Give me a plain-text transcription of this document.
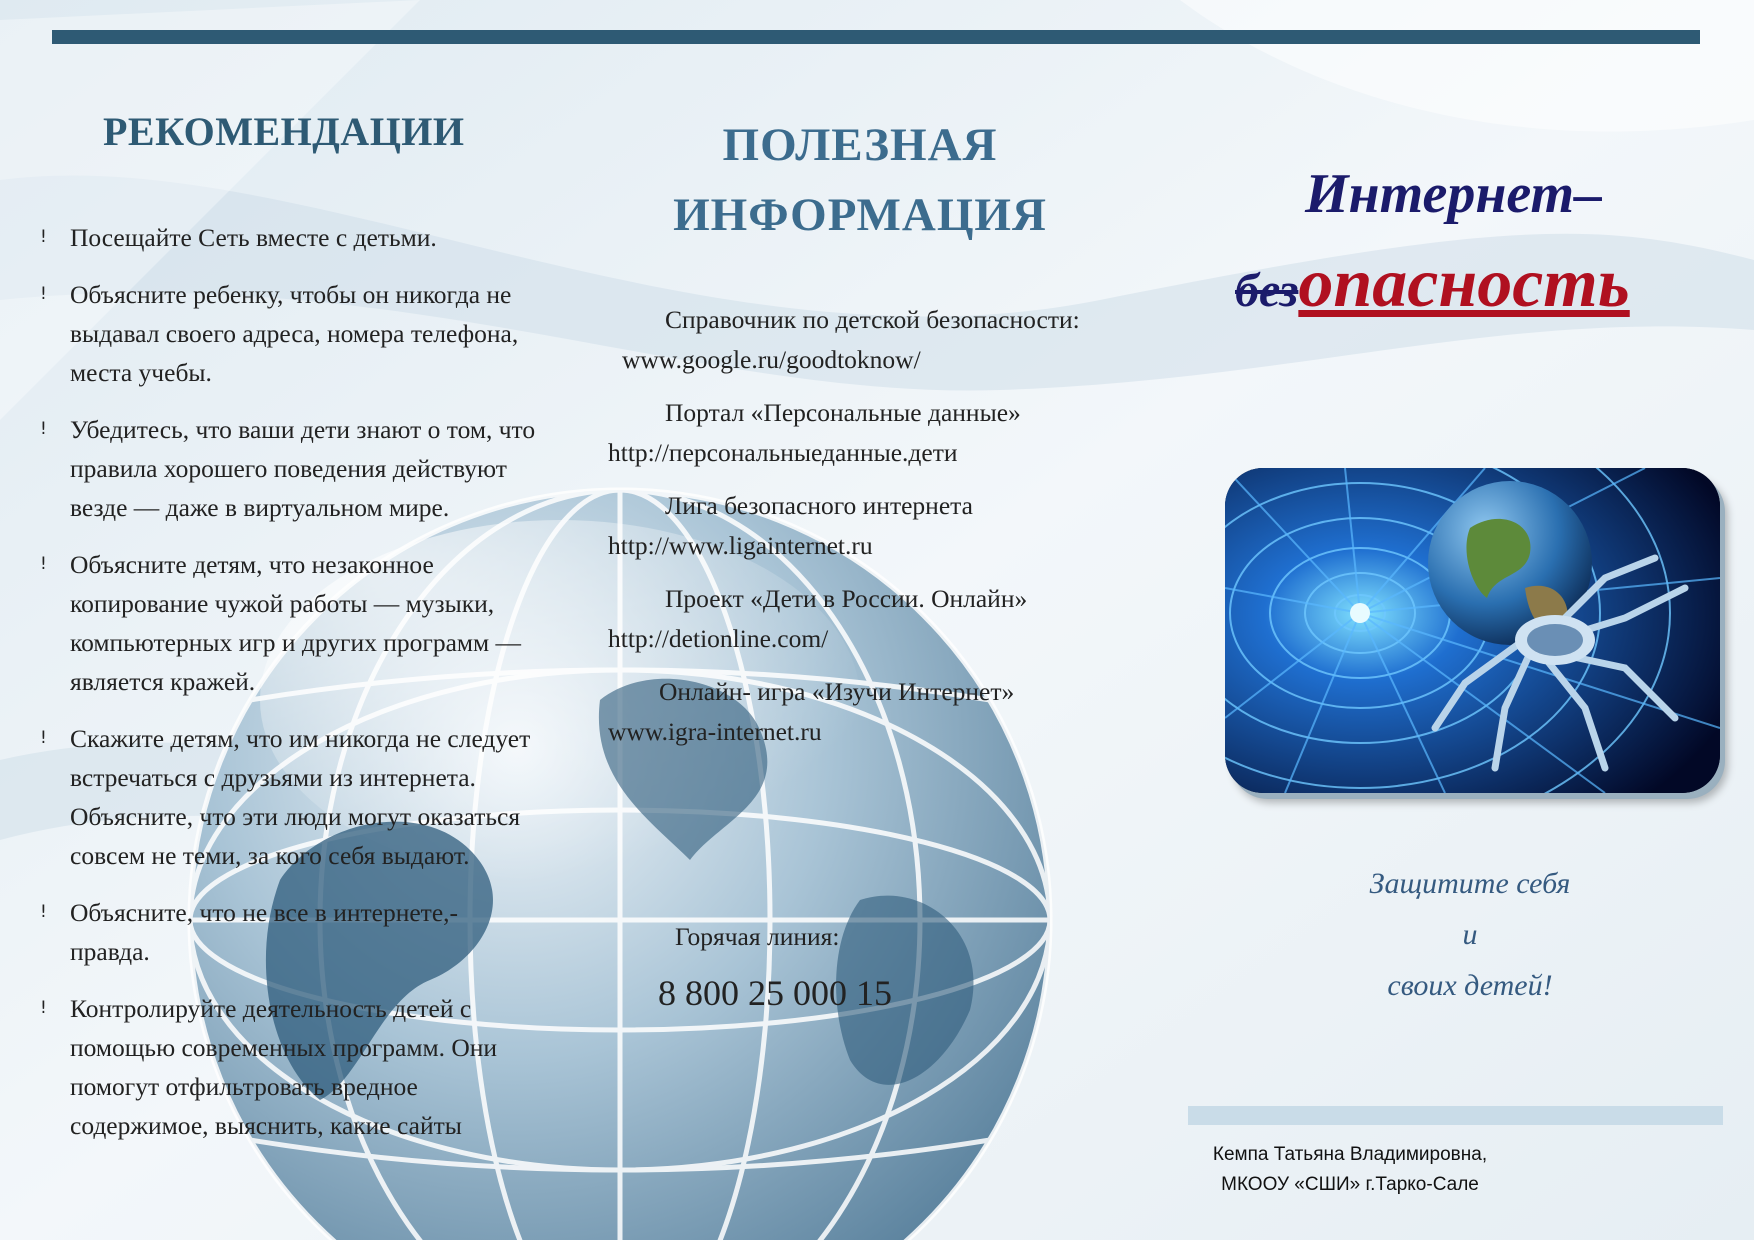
РЕКОМЕНДАЦИИ
! Посещайте Сеть вместе с детьми.
! Объясните ребенку, чтобы он никогда не выдавал своего адреса, номера телефона, места учебы.
! Убедитесь, что ваши дети знают о том, что правила хорошего поведения действуют везде — даже в виртуальном мире.
! Объясните детям, что незаконное копирование чужой работы — музыки, компьютерных игр и других программ — является кражей.
! Скажите детям, что им никогда не следует встречаться с друзьями из интернета. Объясните, что эти люди могут оказаться совсем не теми, за кого себя выдают.
! Объясните, что не все в интернете,- правда.
! Контролируйте деятельность детей с помощью современных программ. Они помогут отфильтровать вредное содержимое, выяснить, какие сайты
ПОЛЕЗНАЯ
ИНФОРМАЦИЯ
Справочник по детской безопасности:
www.google.ru/goodtoknow/
Портал «Персональные данные»
http://персональныеданные.дети
Лига безопасного интернета
http://www.ligainternet.ru
Проект «Дети в России. Онлайн»
http://detionline.com/
Онлайн- игра «Изучи Интернет»
www.igra-internet.ru
Горячая линия:
8 800 25 000 15
Интернет–
безопасность
Защитите себя
и
своих детей!
Кемпа Татьяна Владимировна,
МКООУ «СШИ» г.Тарко-Сале
